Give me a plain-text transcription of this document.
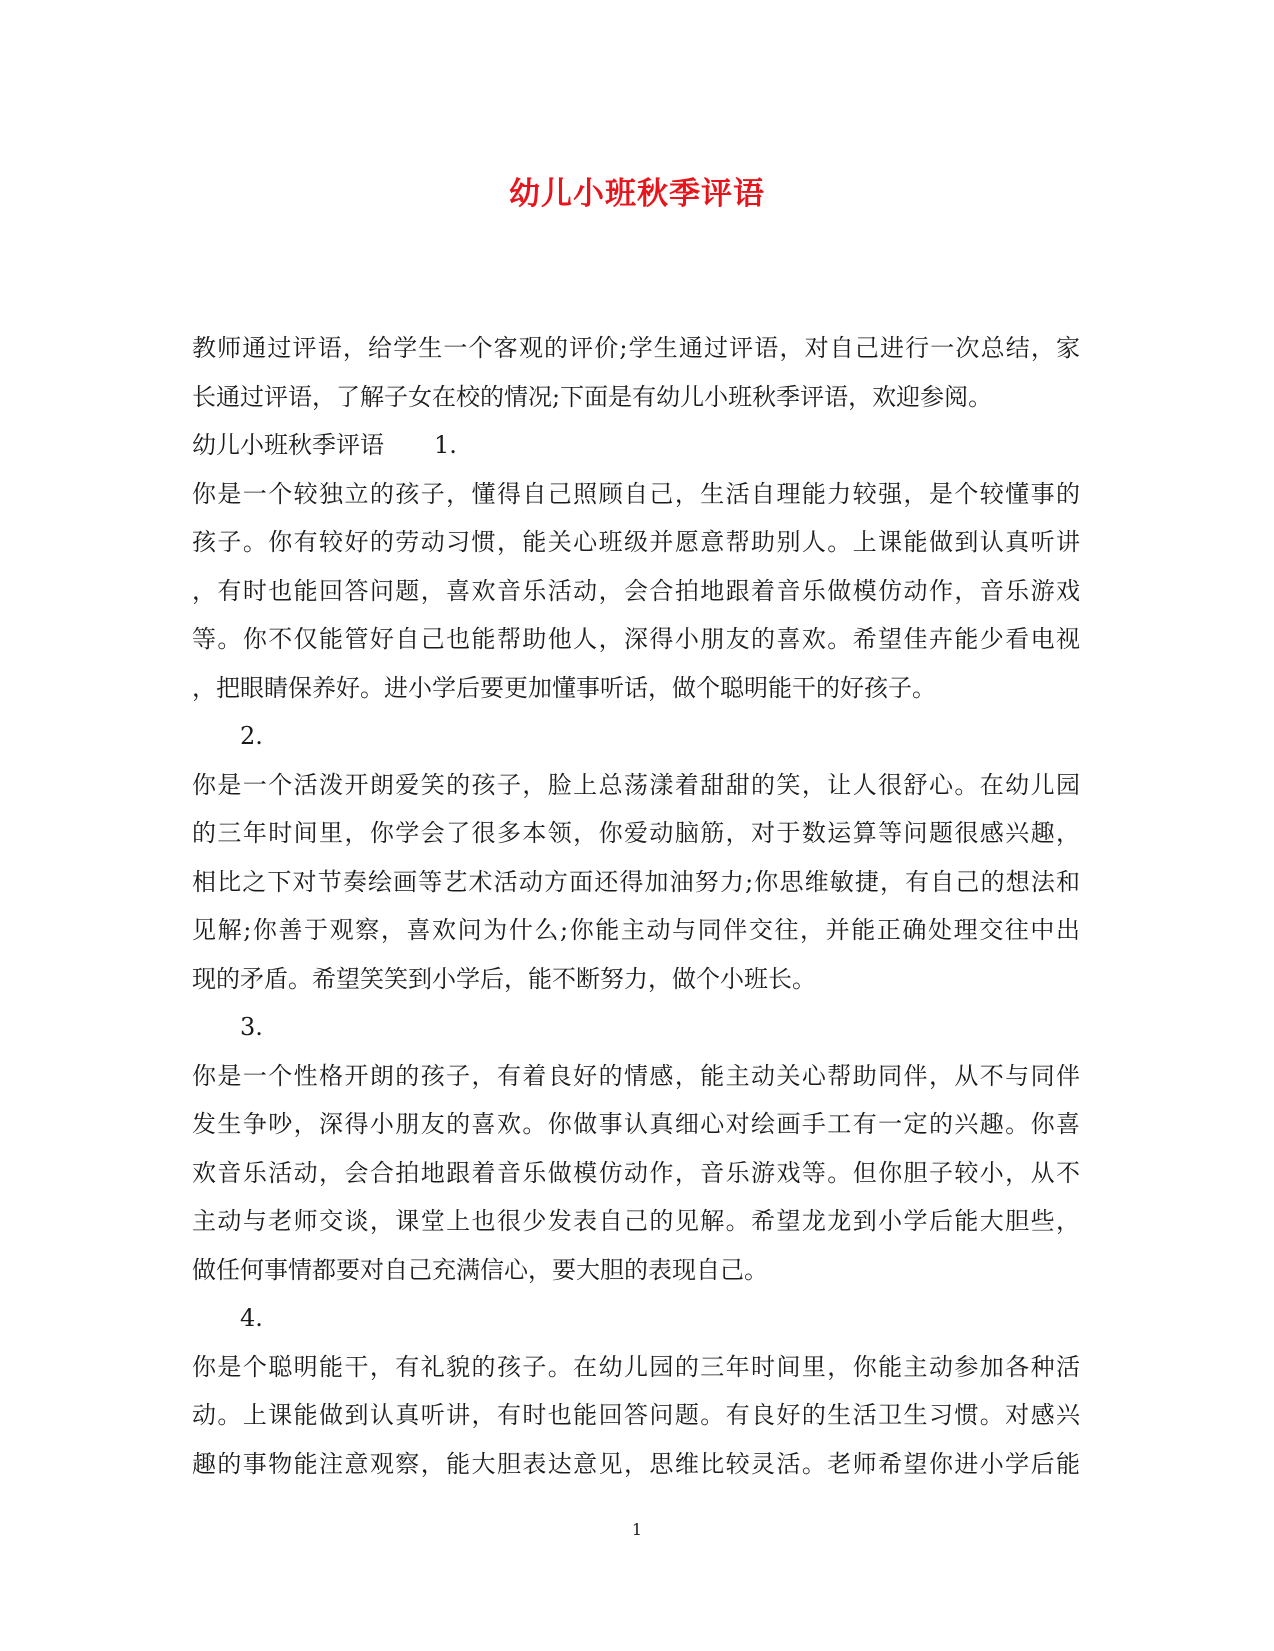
幼儿小班秋季评语
教师通过评语，给学生一个客观的评价;学生通过评语，对自己进行一次总结，家
长通过评语，了解子女在校的情况;下面是有幼儿小班秋季评语，欢迎参阅。
幼儿小班秋季评语 1.
你是一个较独立的孩子，懂得自己照顾自己，生活自理能力较强，是个较懂事的
孩子。你有较好的劳动习惯，能关心班级并愿意帮助别人。上课能做到认真听讲
，有时也能回答问题，喜欢音乐活动，会合拍地跟着音乐做模仿动作，音乐游戏
等。你不仅能管好自己也能帮助他人，深得小朋友的喜欢。希望佳卉能少看电视
，把眼睛保养好。进小学后要更加懂事听话，做个聪明能干的好孩子。
2.
你是一个活泼开朗爱笑的孩子，脸上总荡漾着甜甜的笑，让人很舒心。在幼儿园
的三年时间里，你学会了很多本领，你爱动脑筋，对于数运算等问题很感兴趣，
相比之下对节奏绘画等艺术活动方面还得加油努力;你思维敏捷，有自己的想法和
见解;你善于观察，喜欢问为什么;你能主动与同伴交往，并能正确处理交往中出
现的矛盾。希望笑笑到小学后，能不断努力，做个小班长。
3.
你是一个性格开朗的孩子，有着良好的情感，能主动关心帮助同伴，从不与同伴
发生争吵，深得小朋友的喜欢。你做事认真细心对绘画手工有一定的兴趣。你喜
欢音乐活动，会合拍地跟着音乐做模仿动作，音乐游戏等。但你胆子较小，从不
主动与老师交谈，课堂上也很少发表自己的见解。希望龙龙到小学后能大胆些，
做任何事情都要对自己充满信心，要大胆的表现自己。
4.
你是个聪明能干，有礼貌的孩子。在幼儿园的三年时间里，你能主动参加各种活
动。上课能做到认真听讲，有时也能回答问题。有良好的生活卫生习惯。对感兴
趣的事物能注意观察，能大胆表达意见，思维比较灵活。老师希望你进小学后能
1
